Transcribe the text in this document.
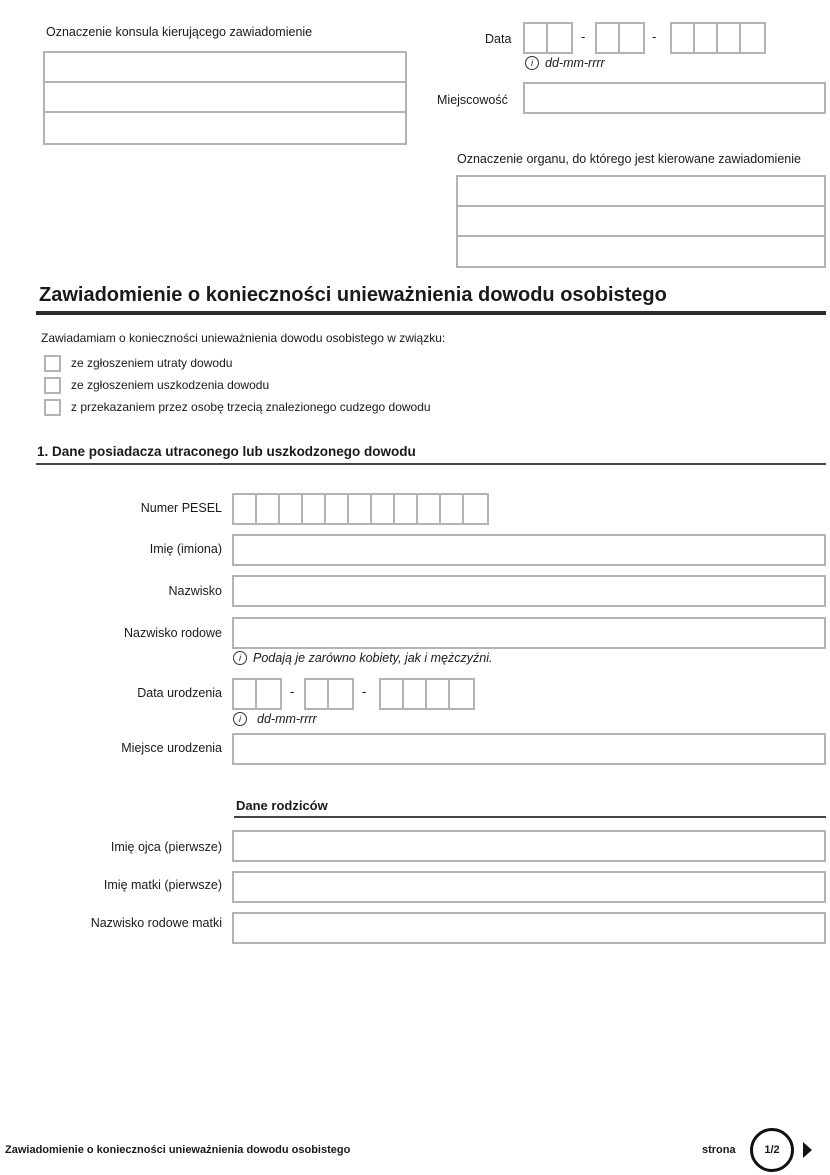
Oznaczenie konsula kierującego zawiadomienie	Data	-	-
i dd-mm-rrrr
Miejscowość
Oznaczenie organu, do którego jest kierowane zawiadomienie
Zawiadomienie o konieczności unieważnienia dowodu osobistego
Zawiadamiam o konieczności unieważnienia dowodu osobistego w związku:
ze zgłoszeniem utraty dowodu
ze zgłoszeniem uszkodzenia dowodu
z przekazaniem przez osobę trzecią znalezionego cudzego dowodu
1. Dane posiadacza utraconego lub uszkodzonego dowodu
Numer PESEL
Imię (imiona)
Nazwisko
Nazwisko rodowe
i Podają je zarówno kobiety, jak i mężczyźni.
Data urodzenia	-	-
i	dd-mm-rrrr
Miejsce urodzenia
Dane rodziców
Imię ojca (pierwsze)
Imię matki (pierwsze)
Nazwisko rodowe matki
Zawiadomienie o konieczności unieważnienia dowodu osobistego	strona	1/2
